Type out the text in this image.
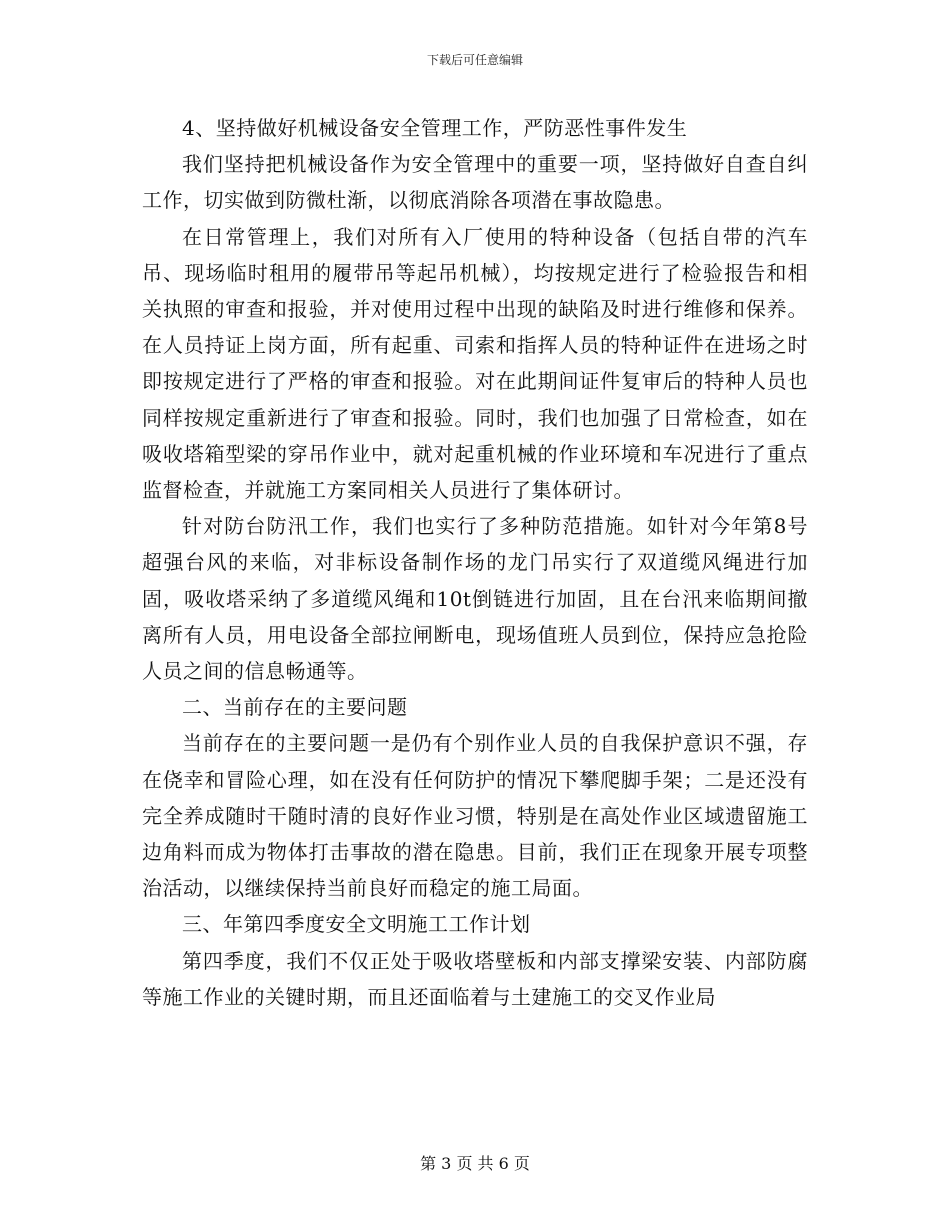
下载后可任意编辑

4、坚持做好机械设备安全管理工作，严防恶性事件发生

我们坚持把机械设备作为安全管理中的重要一项，坚持做好自查自纠工作，切实做到防微杜渐，以彻底消除各项潜在事故隐患。

在日常管理上，我们对所有入厂使用的特种设备（包括自带的汽车吊、现场临时租用的履带吊等起吊机械），均按规定进行了检验报告和相关执照的审查和报验，并对使用过程中出现的缺陷及时进行维修和保养。在人员持证上岗方面，所有起重、司索和指挥人员的特种证件在进场之时即按规定进行了严格的审查和报验。对在此期间证件复审后的特种人员也同样按规定重新进行了审查和报验。同时，我们也加强了日常检查，如在吸收塔箱型梁的穿吊作业中，就对起重机械的作业环境和车况进行了重点监督检查，并就施工方案同相关人员进行了集体研讨。

针对防台防汛工作，我们也实行了多种防范措施。如针对今年第8号超强台风的来临，对非标设备制作场的龙门吊实行了双道缆风绳进行加固，吸收塔采纳了多道缆风绳和10t倒链进行加固，且在台汛来临期间撤离所有人员，用电设备全部拉闸断电，现场值班人员到位，保持应急抢险人员之间的信息畅通等。

二、当前存在的主要问题

当前存在的主要问题一是仍有个别作业人员的自我保护意识不强，存在侥幸和冒险心理，如在没有任何防护的情况下攀爬脚手架；二是还没有完全养成随时干随时清的良好作业习惯，特别是在高处作业区域遗留施工边角料而成为物体打击事故的潜在隐患。目前，我们正在现象开展专项整治活动，以继续保持当前良好而稳定的施工局面。

三、年第四季度安全文明施工工作计划

第四季度，我们不仅正处于吸收塔壁板和内部支撑梁安装、内部防腐等施工作业的关键时期，而且还面临着与土建施工的交叉作业局

第 3 页 共 6 页
